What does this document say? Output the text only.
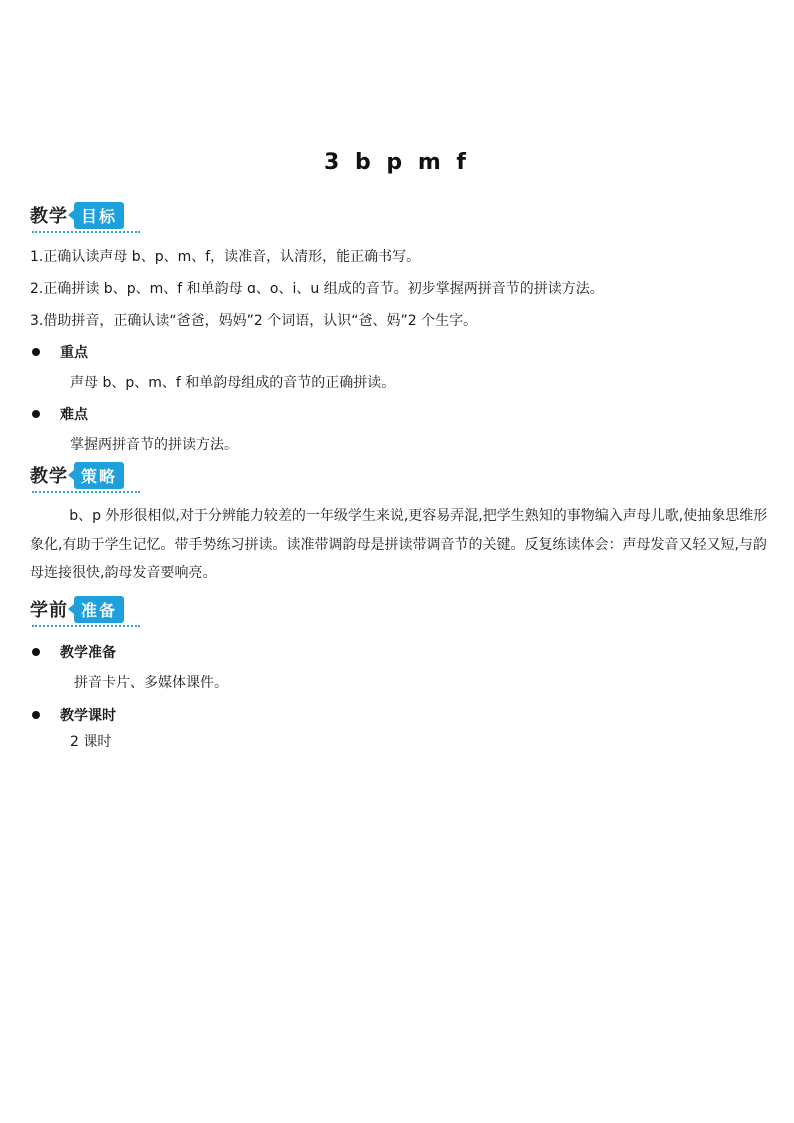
3 b p m f
教学 目标
1.正确认读声母 b、p、m、f，读准音，认清形，能正确书写。
2.正确拼读 b、p、m、f 和单韵母 ɑ、o、i、u 组成的音节。初步掌握两拼音节的拼读方法。
3.借助拼音，正确认读“爸爸，妈妈”2 个词语，认识“爸、妈”2 个生字。
重点
声母 b、p、m、f 和单韵母组成的音节的正确拼读。
难点
掌握两拼音节的拼读方法。
教学 策略
b、p 外形很相似,对于分辨能力较差的一年级学生来说,更容易弄混,把学生熟知的事物编入声母儿歌,使抽象思维形象化,有助于学生记忆。带手势练习拼读。读准带调韵母是拼读带调音节的关键。反复练读体会：声母发音又轻又短,与韵母连接很快,韵母发音要响亮。
学前 准备
教学准备
拼音卡片、多媒体课件。
教学课时
2 课时
